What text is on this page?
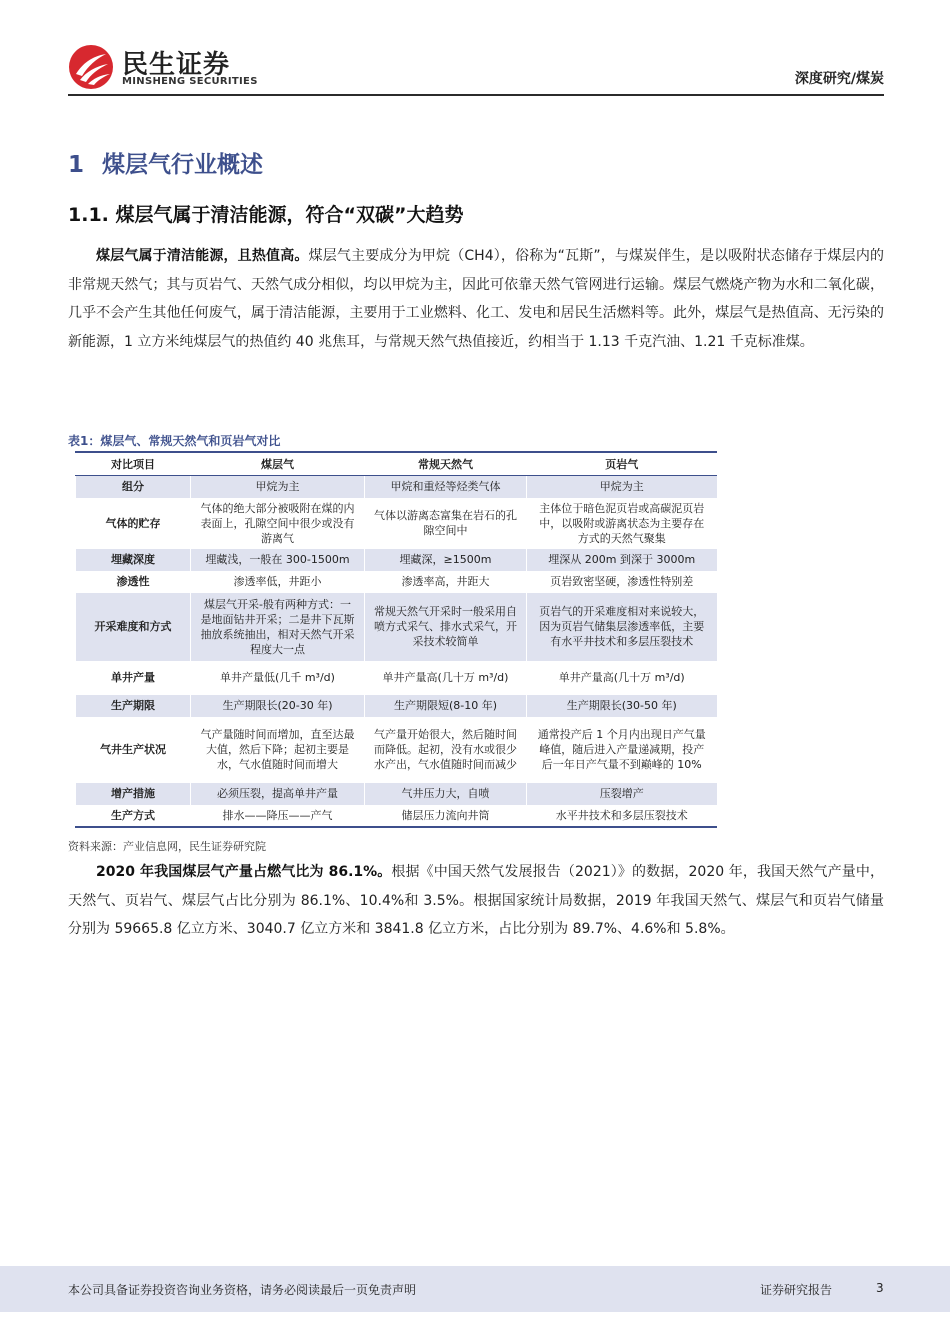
民生证券
MINSHENG SECURITIES	深度研究/煤炭
1 煤层气行业概述
1.1. 煤层气属于清洁能源，符合“双碳”大趋势

煤层气属于清洁能源，且热值高。煤层气主要成分为甲烷（CH4），俗称为“瓦斯”，与煤炭伴生，是以吸附状态储存于煤层内的非常规天然气；其与页岩气、天然气成分相似，均以甲烷为主，因此可依靠天然气管网进行运输。煤层气燃烧产物为水和二氧化碳，几乎不会产生其他任何废气，属于清洁能源，主要用于工业燃料、化工、发电和居民生活燃料等。此外，煤层气是热值高、无污染的新能源，1 立方米纯煤层气的热值约 40 兆焦耳，与常规天然气热值接近，约相当于 1.13 千克汽油、1.21 千克标准煤。

表1：煤层气、常规天然气和页岩气对比
对比项目	煤层气	常规天然气	页岩气
组分	甲烷为主	甲烷和重烃等烃类气体	甲烷为主
气体的贮存	气体的绝大部分被吸附在煤的内表面上，孔隙空间中很少或没有游离气	气体以游离态富集在岩石的孔隙空间中	主体位于暗色泥页岩或高碳泥页岩中，以吸附或游离状态为主要存在方式的天然气聚集
埋藏深度	埋藏浅，一般在 300-1500m	埋藏深，≥1500m	埋深从 200m 到深于 3000m
渗透性	渗透率低，井距小	渗透率高，井距大	页岩致密坚硬，渗透性特别差
开采难度和方式	煤层气开采-般有两种方式：一是地面钻井开采；二是井下瓦斯抽放系统抽出，相对天然气开采程度大一点	常规天然气开采时一般采用自喷方式采气、排水式采气，开采技术较简单	页岩气的开采难度相对来说较大，因为页岩气储集层渗透率低，主要有水平井技术和多层压裂技术
单井产量	单井产量低(几千 m³/d)	单井产量高(几十万 m³/d)	单井产量高(几十万 m³/d)
生产期限	生产期限长(20-30 年)	生产期限短(8-10 年)	生产期限长(30-50 年)
气井生产状况	气产量随时间而增加，直至达最大值，然后下降；起初主要是水，气水值随时间而增大	气产量开始很大，然后随时间而降低。起初，没有水或很少水产出，气水值随时间而减少	通常投产后 1 个月内出现日产气量峰值，随后进入产量递减期，投产后一年日产气量不到巅峰的 10%
增产措施	必须压裂，提高单井产量	气井压力大，自喷	压裂增产
生产方式	排水——降压——产气	储层压力流向井筒	水平井技术和多层压裂技术
资料来源：产业信息网，民生证券研究院

2020 年我国煤层气产量占燃气比为 86.1%。根据《中国天然气发展报告（2021）》的数据，2020 年，我国天然气产量中，天然气、页岩气、煤层气占比分别为 86.1%、10.4%和 3.5%。根据国家统计局数据，2019 年我国天然气、煤层气和页岩气储量分别为 59665.8 亿立方米、3040.7 亿立方米和 3841.8 亿立方米，占比分别为 89.7%、4.6%和 5.8%。

本公司具备证券投资咨询业务资格，请务必阅读最后一页免责声明	证券研究报告	3
